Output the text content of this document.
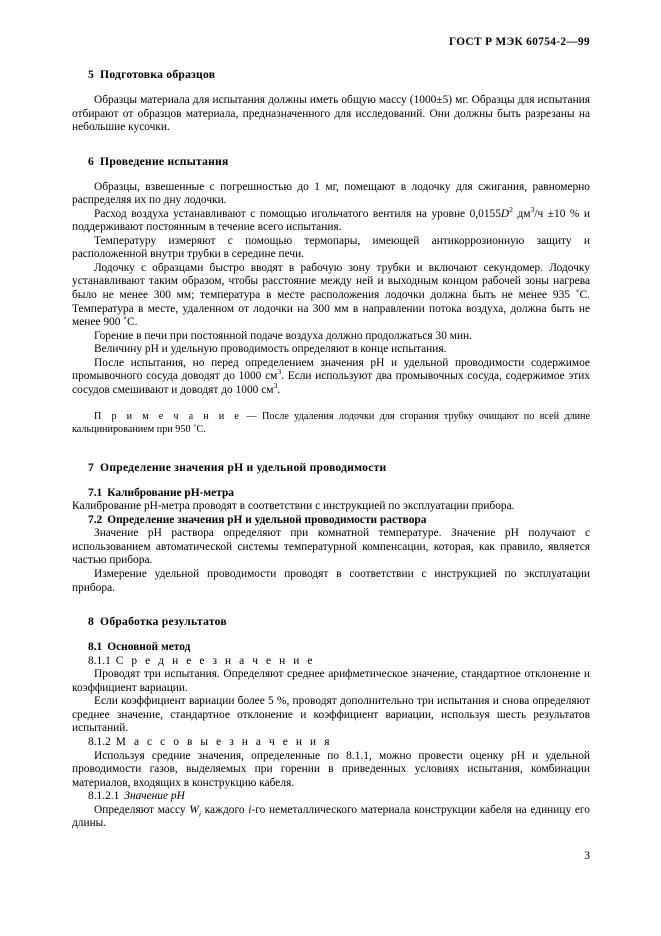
ГОСТ Р МЭК 60754-2—99
5 Подготовка образцов

Образцы материала для испытания должны иметь общую массу (1000±5) мг. Образцы для испытания отбирают от образцов материала, предназначенного для исследований. Они должны быть разрезаны на небольшие кусочки.

6 Проведение испытания

Образцы, взвешенные с погрешностью до 1 мг, помещают в лодочку для сжигания, равномерно распределяя их по дну лодочки.

Расход воздуха устанавливают с помощью игольчатого вентиля на уровне $0,0155D^2$ $дм^3/ч \pm 10$ % и поддерживают постоянным в течение всего испытания.

Температуру измеряют с помощью термопары, имеющей антикоррозионную защиту и расположенной внутри трубки в середине печи.

Лодочку с образцами быстро вводят в рабочую зону трубки и включают секундомер. Лодочку устанавливают таким образом, чтобы расстояние между ней и выходным концом рабочей зоны нагрева было не менее 300 мм; температура в месте расположения лодочки должна быть не менее 935 ˚С. Температура в месте, удаленном от лодочки на 300 мм в направлении потока воздуха, должна быть не менее 900 ˚С.

Горение в печи при постоянной подаче воздуха должно продолжаться 30 мин.

Величину рН и удельную проводимость определяют в конце испытания.

После испытания, но перед определением значения рН и удельной проводимости содержимое промывочного сосуда доводят до 1000 $см^3$. Если используют два промывочных сосуда, содержимое этих сосудов смешивают и доводят до 1000 $см^3$.

П р и м е ч а н и е — После удаления лодочки для сгорания трубку очищают по всей длине кальцинированием при 950 ˚С.

7 Определение значения рН и удельной проводимости
7.1 Калибрование рН-метра

Калибрование рН-метра проводят в соответствии с инструкцией по эксплуатации прибора.

7.2 Определение значения рН и удельной проводимости раствора

Значение рН раствора определяют при комнатной температуре. Значение рН получают с использованием автоматической системы температурной компенсации, которая, как правило, является частью прибора.

Измерение удельной проводимости проводят в соответствии с инструкцией по эксплуатации прибора.

8 Обработка результатов
8.1 Основной метод

8.1.1 С р е д н е е з н а ч е н и е

Проводят три испытания. Определяют среднее арифметическое значение, стандартное отклонение и коэффициент вариации.

Если коэффициент вариации более 5 %, проводят дополнительно три испытания и снова определяют среднее значение, стандартное отклонение и коэффициент вариации, используя шесть результатов испытаний.

8.1.2 М а с с о в ы е з н а ч е н и я

Используя средние значения, определенные по 8.1.1, можно провести оценку рН и удельной проводимости газов, выделяемых при горении в приведенных условиях испытания, комбинации материалов, входящих в конструкцию кабеля.

8.1.2.1 Значение рН

Определяют массу $W_i$ каждого i-го неметаллического материала конструкции кабеля на единицу его длины.

3
